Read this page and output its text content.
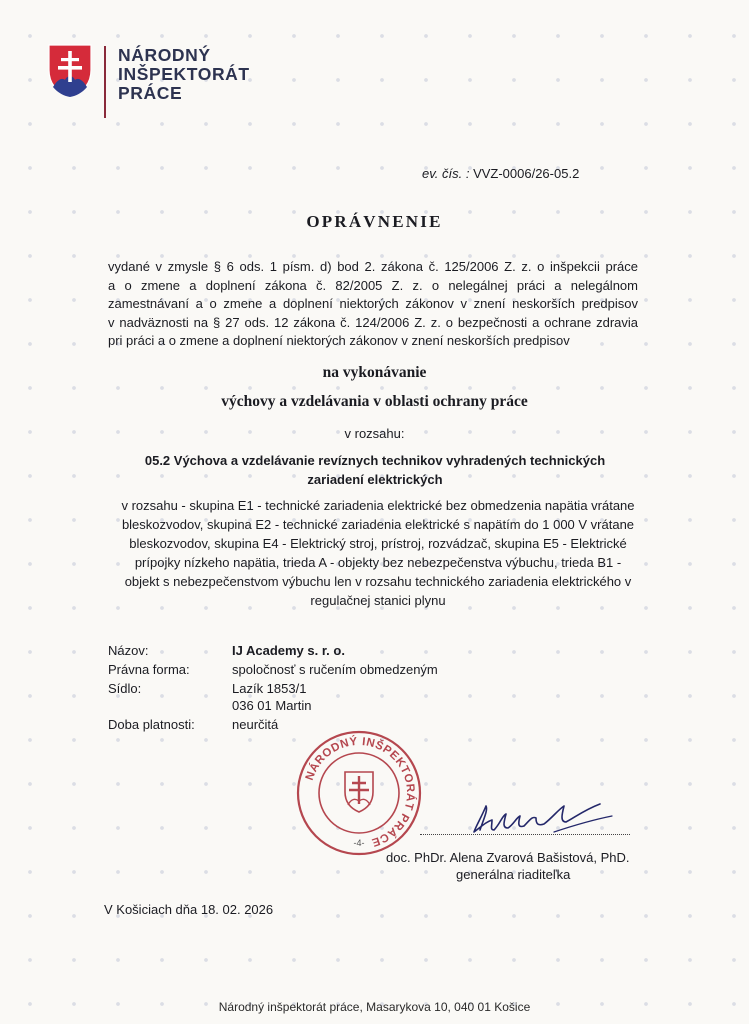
NÁRODNÝ
INŠPEKTORÁT
PRÁCE
ev. čís. : VVZ-0006/26-05.2
OPRÁVNENIE
vydané v zmysle § 6 ods. 1 písm. d) bod 2. zákona č. 125/2006 Z. z. o inšpekcii práce
a o zmene a doplnení zákona č. 82/2005 Z. z. o nelegálnej práci a nelegálnom
zamestnávaní a o zmene a doplnení niektorých zákonov v znení neskorších predpisov
v nadväznosti na § 27 ods. 12 zákona č. 124/2006 Z. z. o bezpečnosti a ochrane zdravia
pri práci a o zmene a doplnení niektorých zákonov v znení neskorších predpisov
na vykonávanie
výchovy a vzdelávania v oblasti ochrany práce
v rozsahu:
05.2 Výchova a vzdelávanie revíznych technikov vyhradených technických
zariadení elektrických
v rozsahu - skupina E1 - technické zariadenia elektrické bez obmedzenia napätia vrátane
bleskozvodov, skupina E2 - technické zariadenia elektrické s napätím do 1 000 V vrátane
bleskozvodov, skupina E4 - Elektrický stroj, prístroj, rozvádzač, skupina E5 - Elektrické
prípojky nízkeho napätia, trieda A - objekty bez nebezpečenstva výbuchu, trieda B1 -
objekt s nebezpečenstvom výbuchu len v rozsahu technického zariadenia elektrického v
regulačnej stanici plynu
Názov:	IJ Academy s. r. o.
Právna forma:	spoločnosť s ručením obmedzeným
Sídlo:	Lazík 1853/1
036 01 Martin
Doba platnosti:	neurčitá
NÁRODNÝ INŠPEKTORÁT PRÁCE
-4-
doc. PhDr. Alena Zvarová Bašistová, PhD.
generálna riaditeľka
V Košiciach dňa 18. 02. 2026
Národný inšpektorát práce, Masarykova 10, 040 01 Košice
